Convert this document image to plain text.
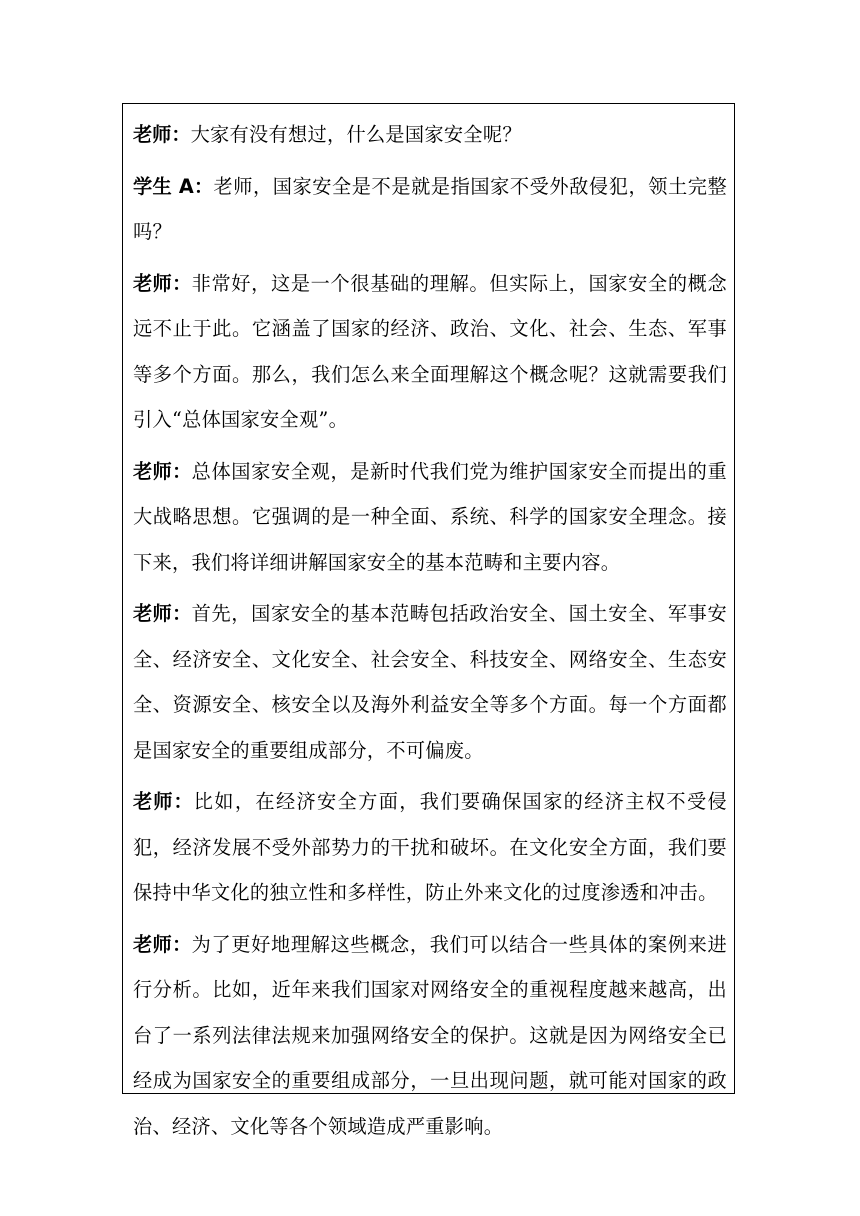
老师：大家有没有想过，什么是国家安全呢？

学生 A：老师，国家安全是不是就是指国家不受外敌侵犯，领土完整吗？

老师：非常好，这是一个很基础的理解。但实际上，国家安全的概念远不止于此。它涵盖了国家的经济、政治、文化、社会、生态、军事等多个方面。那么，我们怎么来全面理解这个概念呢？这就需要我们引入“总体国家安全观”。

老师：总体国家安全观，是新时代我们党为维护国家安全而提出的重大战略思想。它强调的是一种全面、系统、科学的国家安全理念。接下来，我们将详细讲解国家安全的基本范畴和主要内容。

老师：首先，国家安全的基本范畴包括政治安全、国土安全、军事安全、经济安全、文化安全、社会安全、科技安全、网络安全、生态安全、资源安全、核安全以及海外利益安全等多个方面。每一个方面都是国家安全的重要组成部分，不可偏废。

老师：比如，在经济安全方面，我们要确保国家的经济主权不受侵犯，经济发展不受外部势力的干扰和破坏。在文化安全方面，我们要保持中华文化的独立性和多样性，防止外来文化的过度渗透和冲击。

老师：为了更好地理解这些概念，我们可以结合一些具体的案例来进行分析。比如，近年来我们国家对网络安全的重视程度越来越高，出台了一系列法律法规来加强网络安全的保护。这就是因为网络安全已经成为国家安全的重要组成部分，一旦出现问题，就可能对国家的政治、经济、文化等各个领域造成严重影响。
